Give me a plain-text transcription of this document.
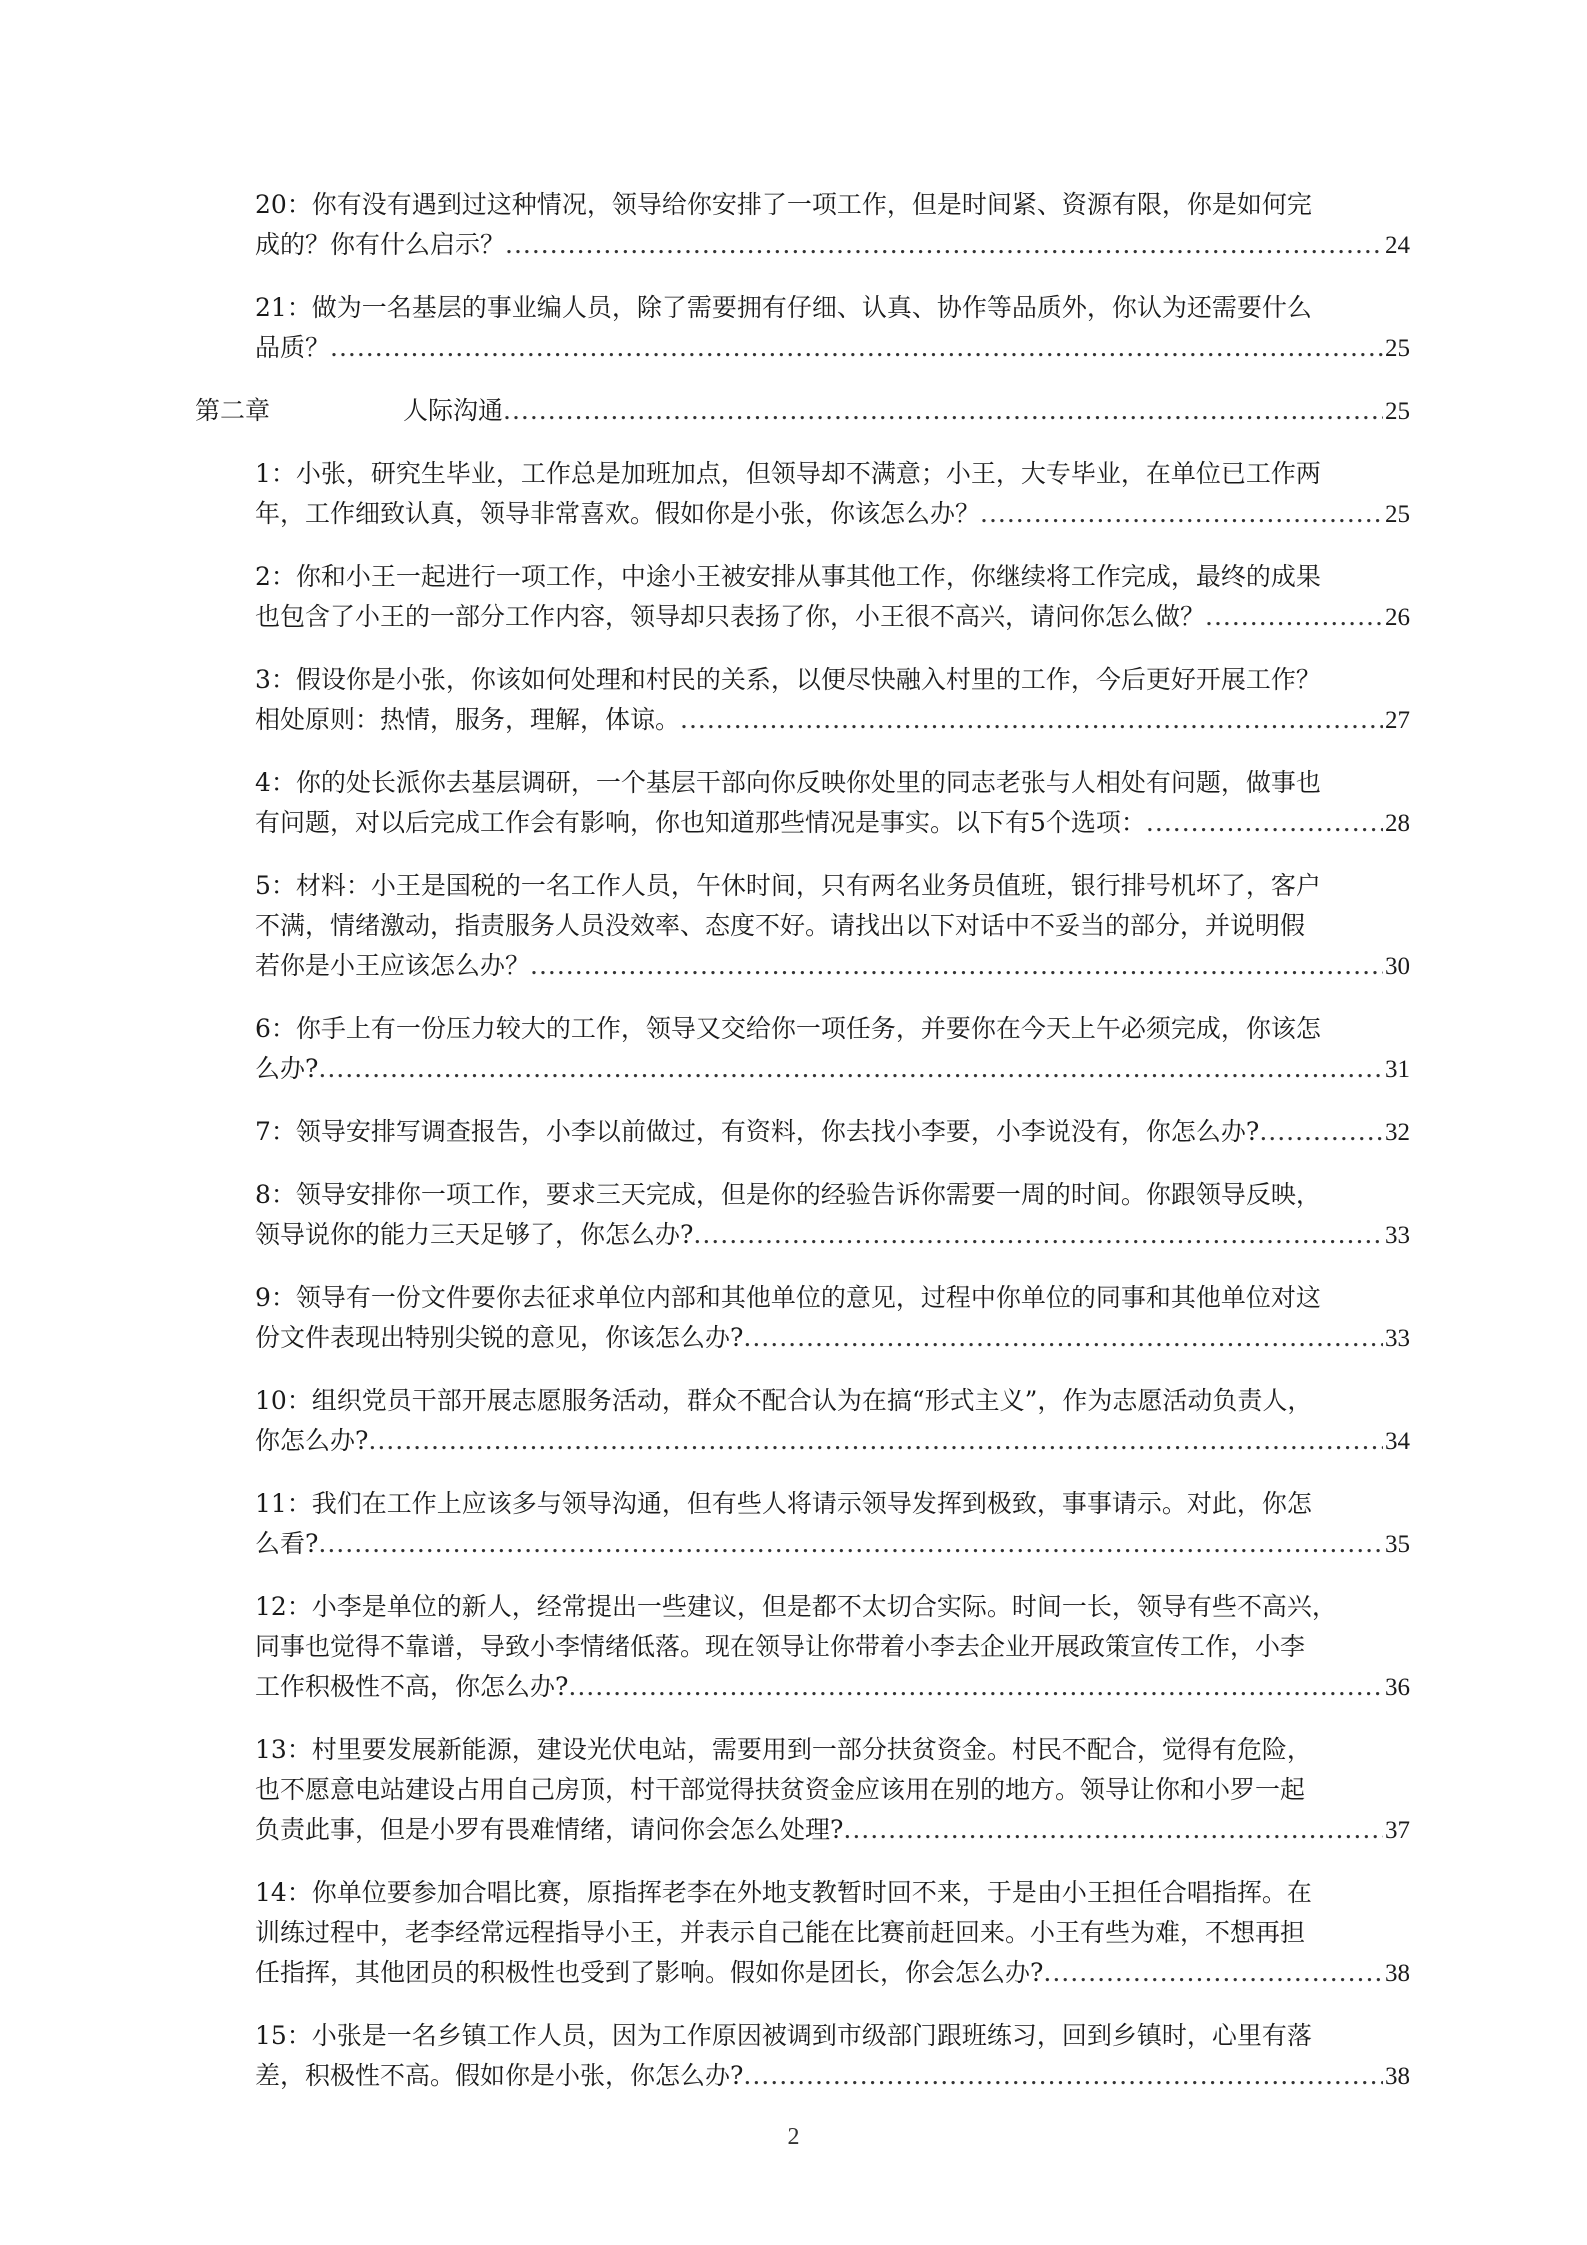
20：你有没有遇到过这种情况，领导给你安排了一项工作，但是时间紧、资源有限，你是如何完
成的？你有什么启示？ .....	24
21：做为一名基层的事业编人员，除了需要拥有仔细、认真、协作等品质外，你认为还需要什么
品质？ .....	25
第二章	人际沟通 .....	25
1：小张，研究生毕业，工作总是加班加点，但领导却不满意；小王，大专毕业，在单位已工作两
年，工作细致认真，领导非常喜欢。假如你是小张，你该怎么办？ .....	25
2：你和小王一起进行一项工作，中途小王被安排从事其他工作，你继续将工作完成，最终的成果
也包含了小王的一部分工作内容，领导却只表扬了你，小王很不高兴，请问你怎么做？ .....	26
3：假设你是小张，你该如何处理和村民的关系，以便尽快融入村里的工作，今后更好开展工作？
相处原则：热情，服务，理解，体谅。 .....	27
4：你的处长派你去基层调研，一个基层干部向你反映你处里的同志老张与人相处有问题，做事也
有问题，对以后完成工作会有影响，你也知道那些情况是事实。以下有5个选项： .....	28
5：材料：小王是国税的一名工作人员，午休时间，只有两名业务员值班，银行排号机坏了，客户
不满，情绪激动，指责服务人员没效率、态度不好。请找出以下对话中不妥当的部分，并说明假
若你是小王应该怎么办？ .....	30
6：你手上有一份压力较大的工作，领导又交给你一项任务，并要你在今天上午必须完成，你该怎
么办? .....	31
7：领导安排写调查报告，小李以前做过，有资料，你去找小李要，小李说没有，你怎么办? .....	32
8：领导安排你一项工作，要求三天完成，但是你的经验告诉你需要一周的时间。你跟领导反映，
领导说你的能力三天足够了，你怎么办? .....	33
9：领导有一份文件要你去征求单位内部和其他单位的意见，过程中你单位的同事和其他单位对这
份文件表现出特别尖锐的意见，你该怎么办? .....	33
10：组织党员干部开展志愿服务活动，群众不配合认为在搞“形式主义”，作为志愿活动负责人，
你怎么办? .....	34
11：我们在工作上应该多与领导沟通，但有些人将请示领导发挥到极致，事事请示。对此，你怎
么看? .....	35
12：小李是单位的新人，经常提出一些建议，但是都不太切合实际。时间一长，领导有些不高兴，
同事也觉得不靠谱，导致小李情绪低落。现在领导让你带着小李去企业开展政策宣传工作，小李
工作积极性不高，你怎么办? .....	36
13：村里要发展新能源，建设光伏电站，需要用到一部分扶贫资金。村民不配合，觉得有危险，
也不愿意电站建设占用自己房顶，村干部觉得扶贫资金应该用在别的地方。领导让你和小罗一起
负责此事，但是小罗有畏难情绪，请问你会怎么处理? .....	37
14：你单位要参加合唱比赛，原指挥老李在外地支教暂时回不来，于是由小王担任合唱指挥。在
训练过程中，老李经常远程指导小王，并表示自己能在比赛前赶回来。小王有些为难，不想再担
任指挥，其他团员的积极性也受到了影响。假如你是团长，你会怎么办? .....	38
15：小张是一名乡镇工作人员，因为工作原因被调到市级部门跟班练习，回到乡镇时，心里有落
差，积极性不高。假如你是小张，你怎么办? .....	38
2
